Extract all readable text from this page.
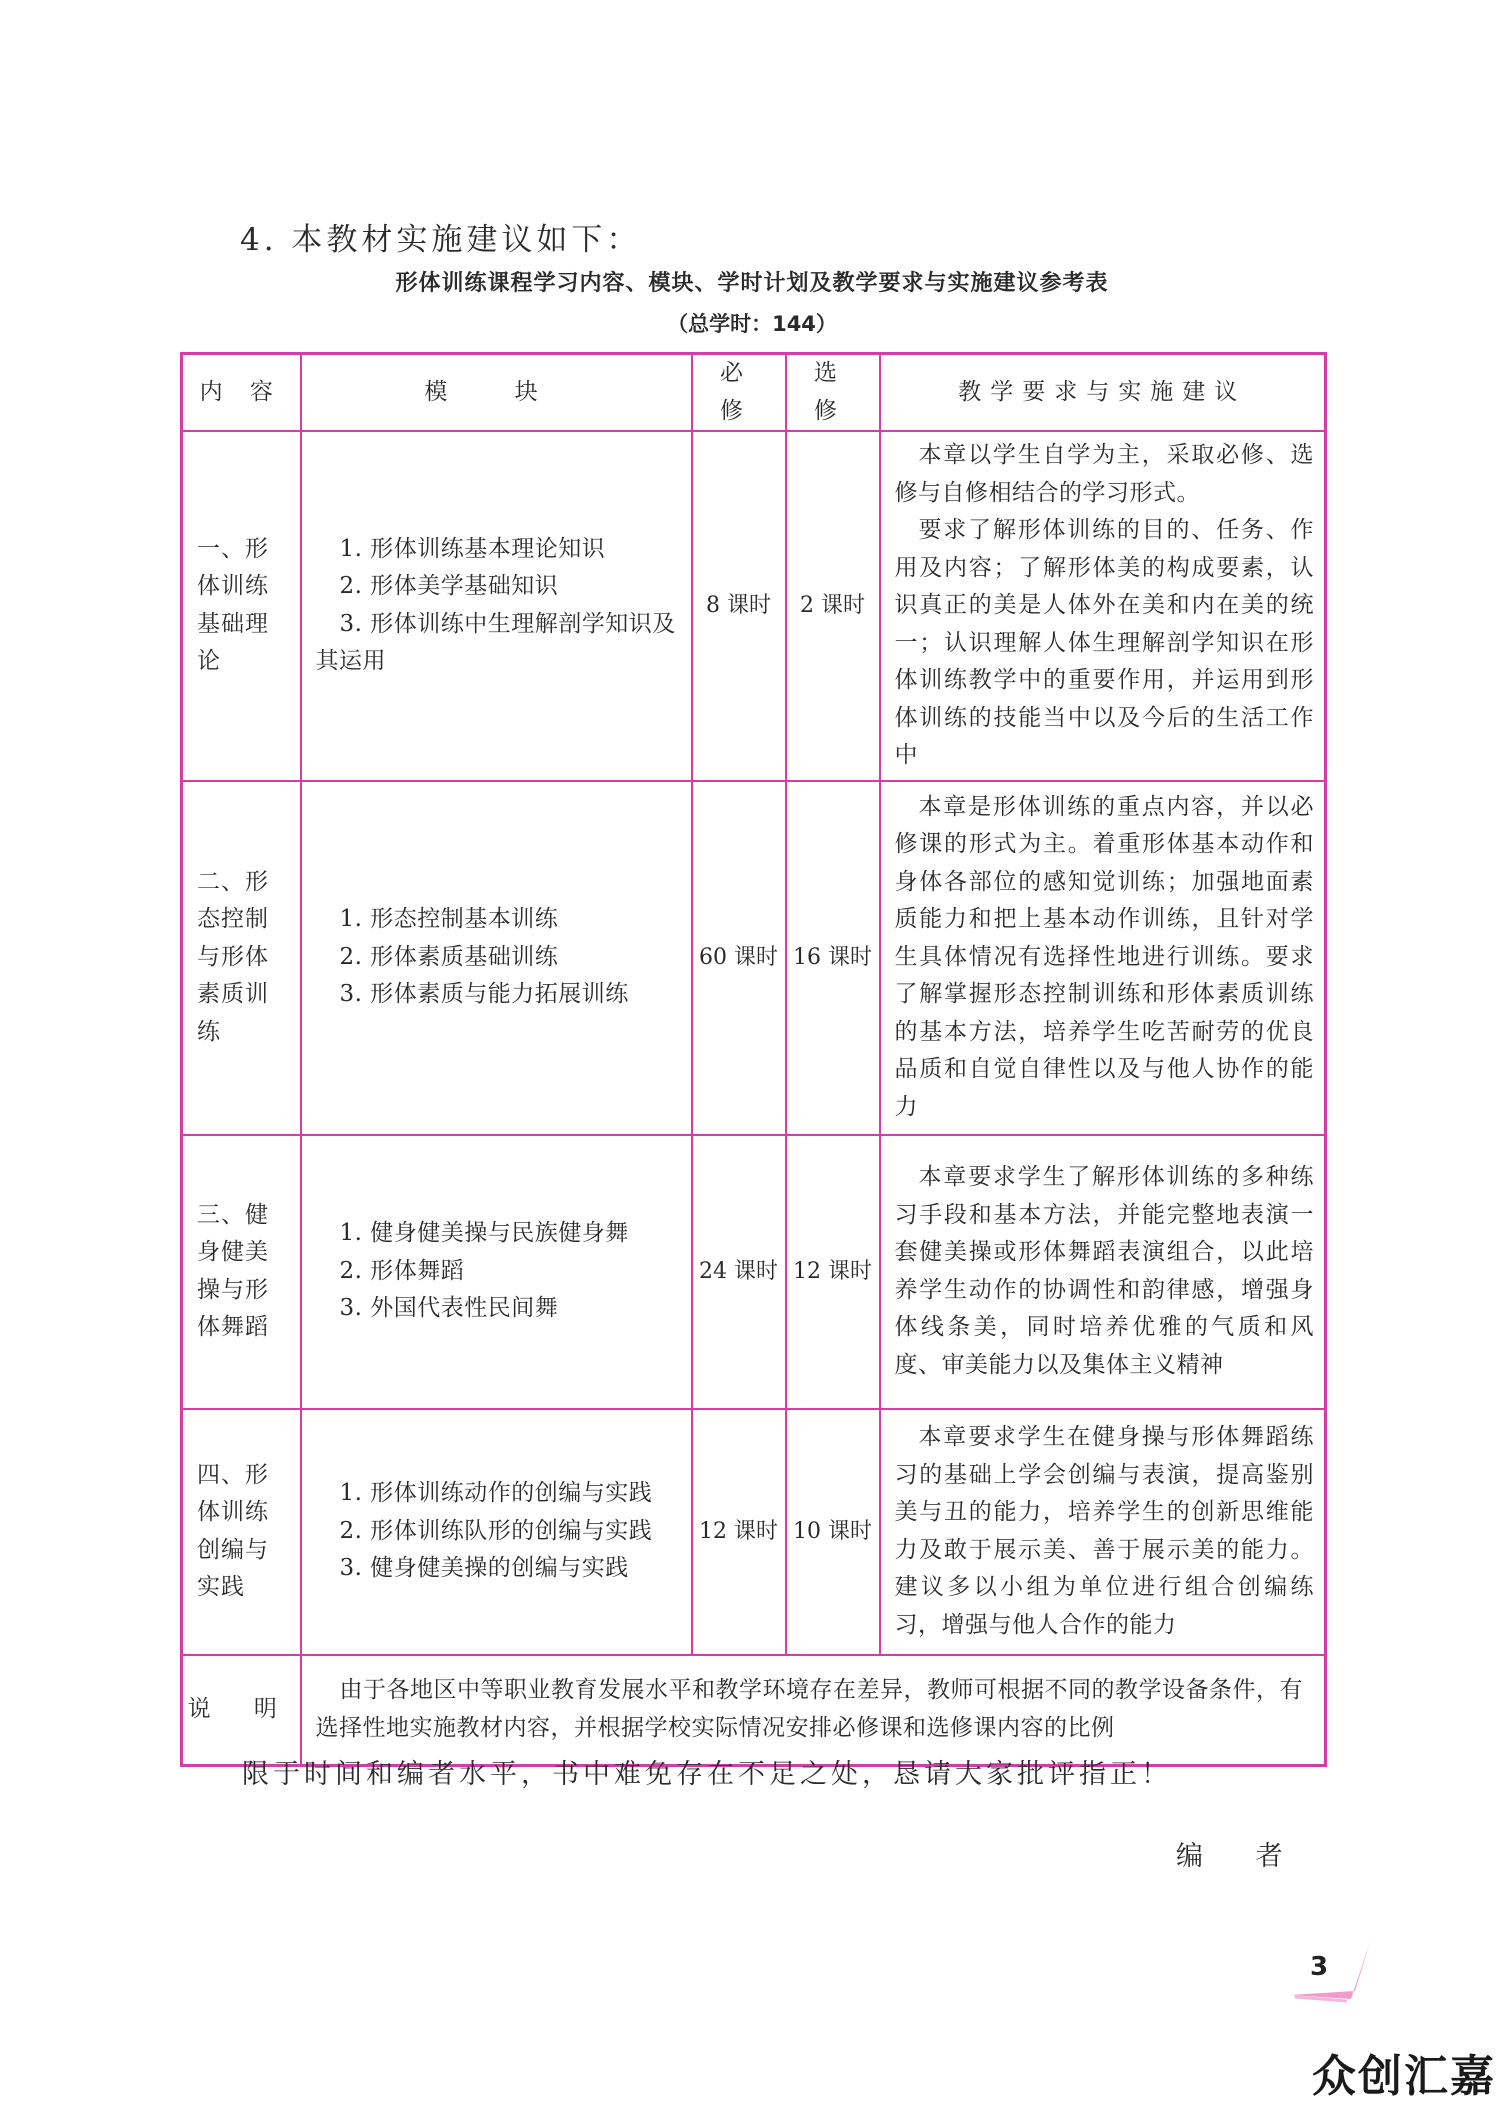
4. 本教材实施建议如下：

形体训练课程学习内容、模块、学时计划及教学要求与实施建议参考表

（总学时：144）

内 容	模 块	必 修	选 修	教学要求与实施建议
一、形体训练基础理论	1. 形体训练基本理论知识
2. 形体美学基础知识
3. 形体训练中生理解剖学知识及其运用	8 课时	2 课时	本章以学生自学为主，采取必修、选修与自修相结合的学习形式。
要求了解形体训练的目的、任务、作用及内容；了解形体美的构成要素，认识真正的美是人体外在美和内在美的统一；认识理解人体生理解剖学知识在形体训练教学中的重要作用，并运用到形体训练的技能当中以及今后的生活工作中

二、形态控制与形体素质训练	1. 形态控制基本训练
2. 形体素质基础训练
3. 形体素质与能力拓展训练	60 课时	16 课时	本章是形体训练的重点内容，并以必修课的形式为主。着重形体基本动作和身体各部位的感知觉训练；加强地面素质能力和把上基本动作训练，且针对学生具体情况有选择性地进行训练。要求了解掌握形态控制训练和形体素质训练的基本方法，培养学生吃苦耐劳的优良品质和自觉自律性以及与他人协作的能力

三、健身健美操与形体舞蹈	1. 健身健美操与民族健身舞
2. 形体舞蹈
3. 外国代表性民间舞	24 课时	12 课时	本章要求学生了解形体训练的多种练习手段和基本方法，并能完整地表演一套健美操或形体舞蹈表演组合，以此培养学生动作的协调性和韵律感，增强身体线条美，同时培养优雅的气质和风度、审美能力以及集体主义精神

四、形体训练创编与实践	1. 形体训练动作的创编与实践
2. 形体训练队形的创编与实践
3. 健身健美操的创编与实践	12 课时	10 课时	本章要求学生在健身操与形体舞蹈练习的基础上学会创编与表演，提高鉴别美与丑的能力，培养学生的创新思维能力及敢于展示美、善于展示美的能力。建议多以小组为单位进行组合创编练习，增强与他人合作的能力

说 明	由于各地区中等职业教育发展水平和教学环境存在差异，教师可根据不同的教学设备条件，有选择性地实施教材内容，并根据学校实际情况安排必修课和选修课内容的比例			

限于时间和编者水平，书中难免存在不足之处，恳请大家批评指正！

编 者

3
众创汇嘉
